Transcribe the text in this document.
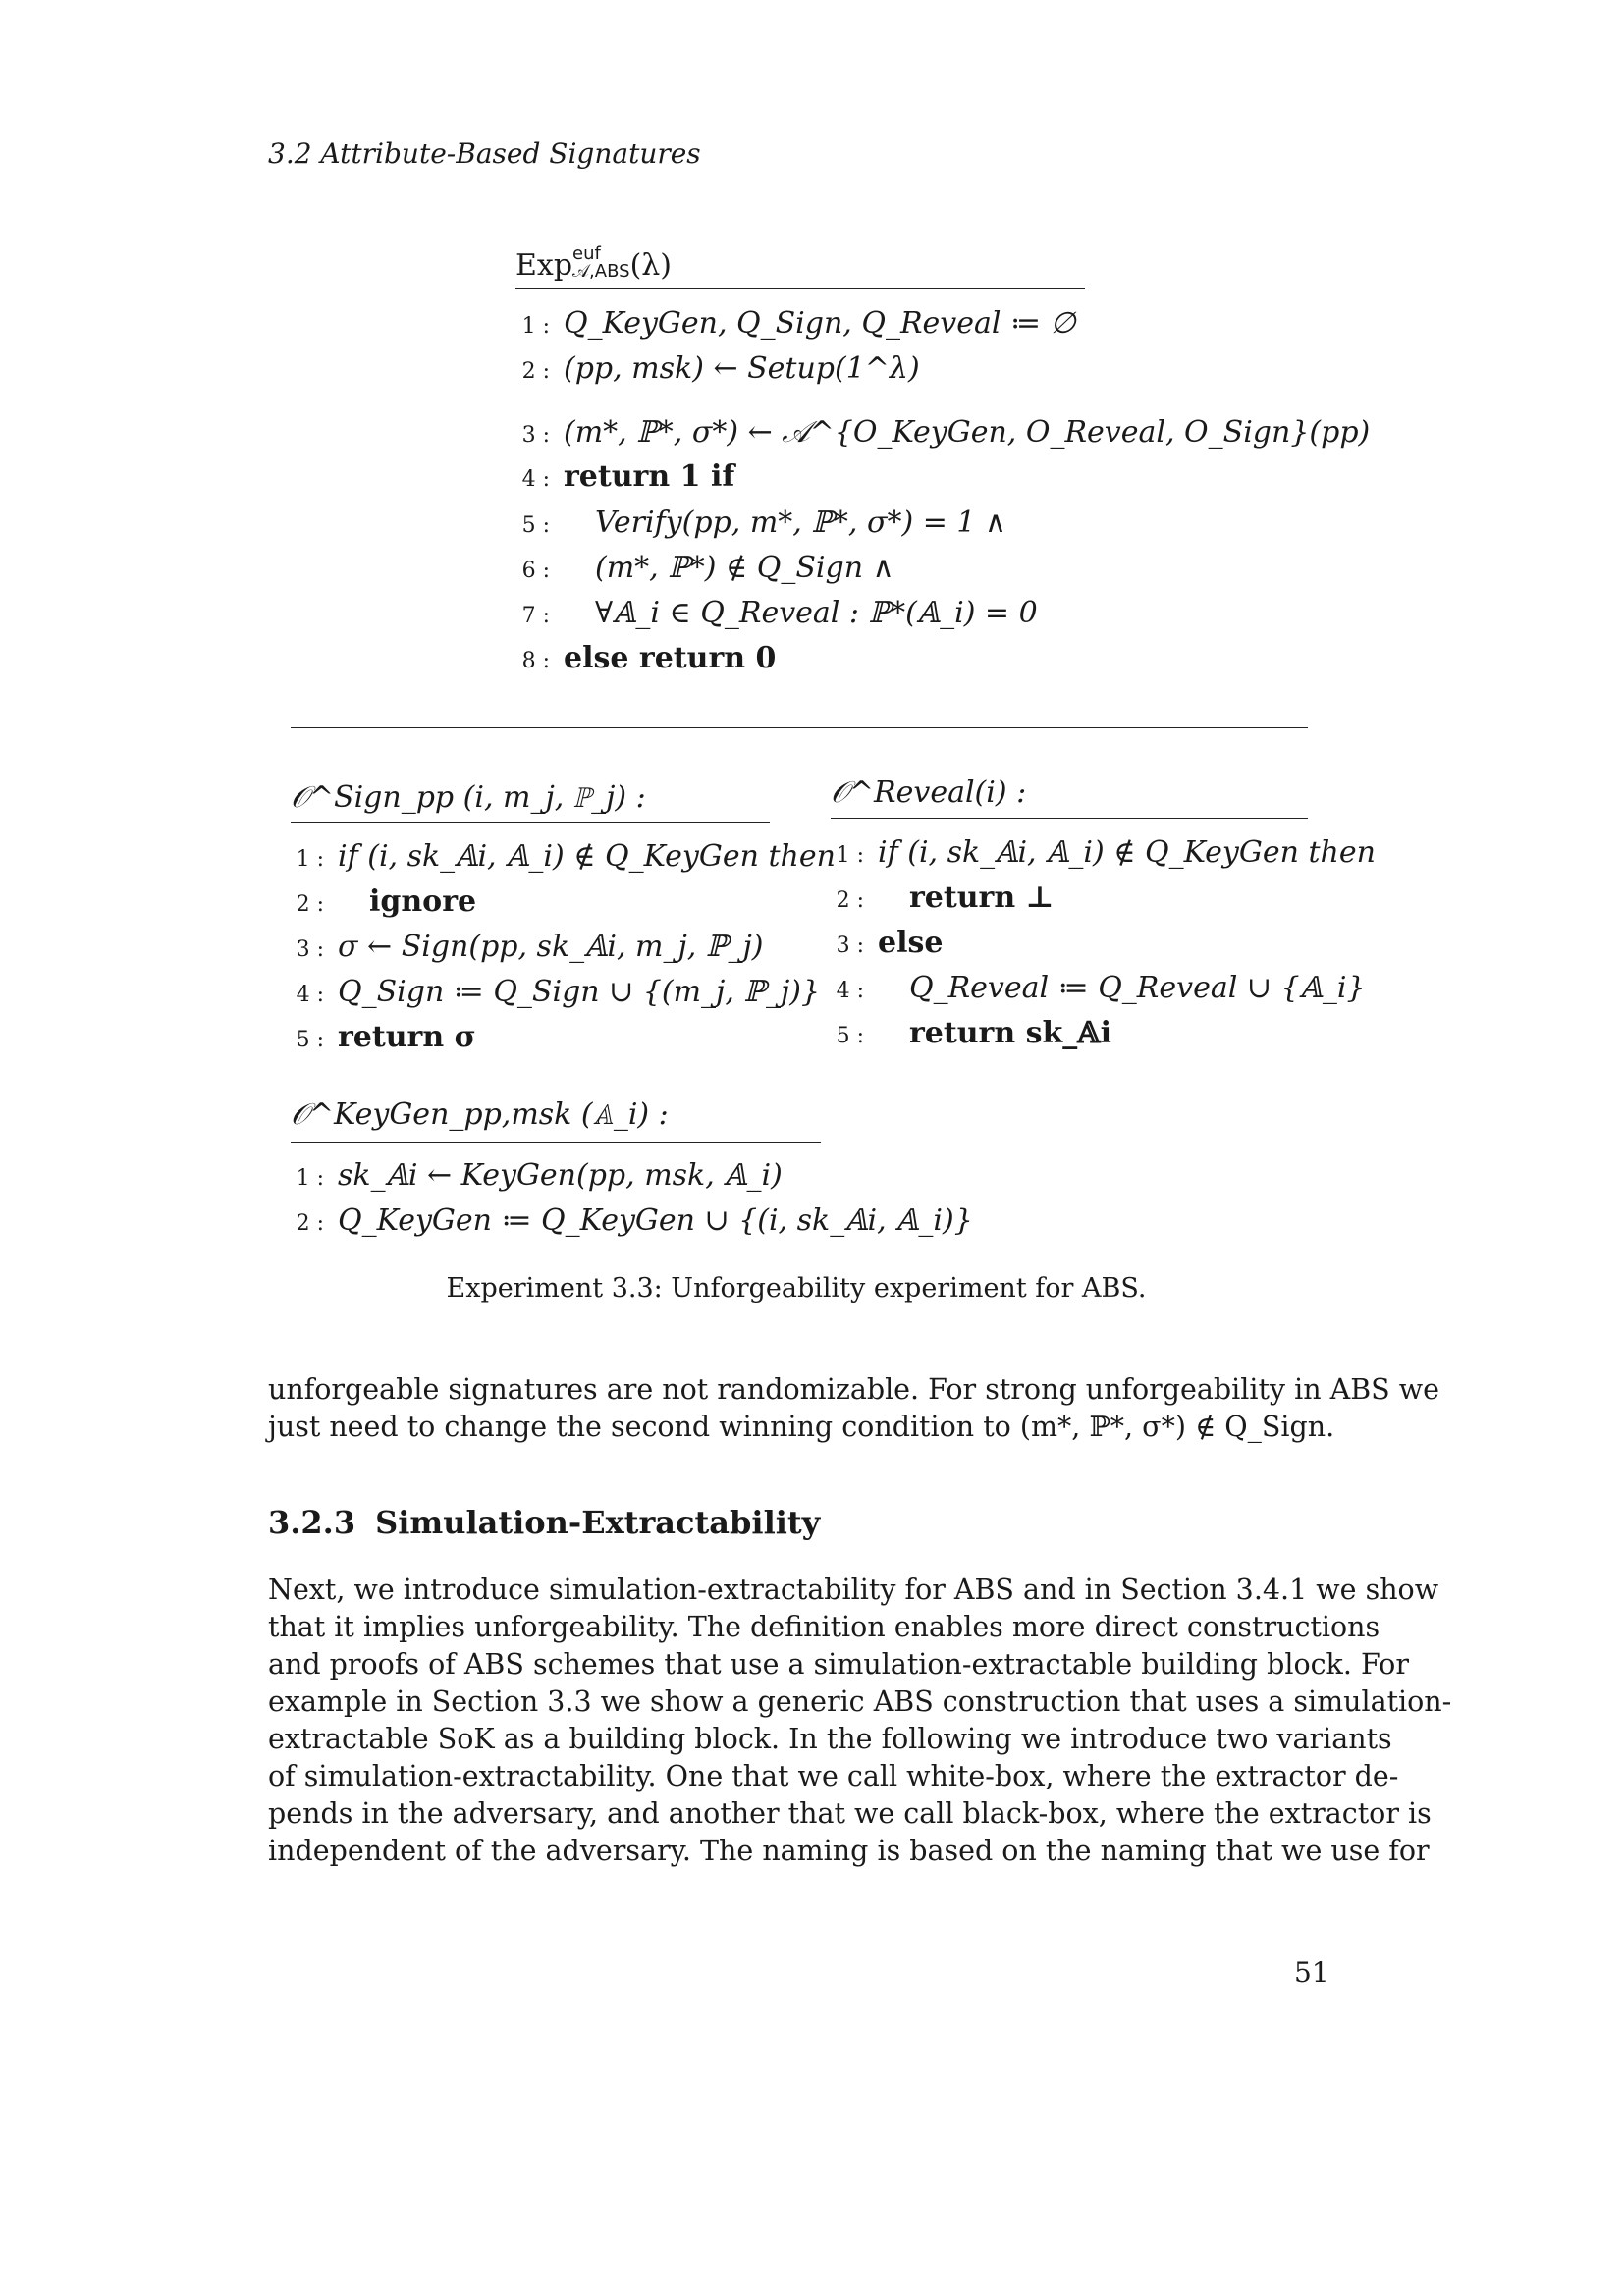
3.2 Attribute-Based Signatures
Exp euf
𝒜,ABS (λ)
1 : Q_KeyGen, Q_Sign, Q_Reveal ≔ ∅
2 : (pp, msk) ← Setup(1^λ)
3 : (m*, ℙ*, σ*) ← 𝒜^{O_KeyGen, O_Reveal, O_Sign}(pp)
4 : return 1 if
5 : Verify(pp, m*, ℙ*, σ*) = 1 ∧
6 : (m*, ℙ*) ∉ Q_Sign ∧
7 : ∀𝔸_i ∈ Q_Reveal : ℙ*(𝔸_i) = 0
8 : else return 0
𝒪^Sign_pp (i, m_j, ℙ_j) :
1 : if (i, sk_𝔸i, 𝔸_i) ∉ Q_KeyGen then
2 : ignore
3 : σ ← Sign(pp, sk_𝔸i, m_j, ℙ_j)
4 : Q_Sign ≔ Q_Sign ∪ {(m_j, ℙ_j)}
5 : return σ
𝒪^Reveal(i) :
1 : if (i, sk_𝔸i, 𝔸_i) ∉ Q_KeyGen then
2 : return ⊥
3 : else
4 : Q_Reveal ≔ Q_Reveal ∪ {𝔸_i}
5 : return sk_𝔸i
𝒪^KeyGen_pp,msk (𝔸_i) :
1 : sk_𝔸i ← KeyGen(pp, msk, 𝔸_i)
2 : Q_KeyGen ≔ Q_KeyGen ∪ {(i, sk_𝔸i, 𝔸_i)}
Experiment 3.3: Unforgeability experiment for ABS.
unforgeable signatures are not randomizable. For strong unforgeability in ABS we
just need to change the second winning condition to (m*, ℙ*, σ*) ∉ Q_Sign.
3.2.3 Simulation-Extractability
Next, we introduce simulation-extractability for ABS and in Section 3.4.1 we show
that it implies unforgeability. The definition enables more direct constructions
and proofs of ABS schemes that use a simulation-extractable building block. For
example in Section 3.3 we show a generic ABS construction that uses a simulation-
extractable SoK as a building block. In the following we introduce two variants
of simulation-extractability. One that we call white-box, where the extractor de-
pends in the adversary, and another that we call black-box, where the extractor is
independent of the adversary. The naming is based on the naming that we use for
51
